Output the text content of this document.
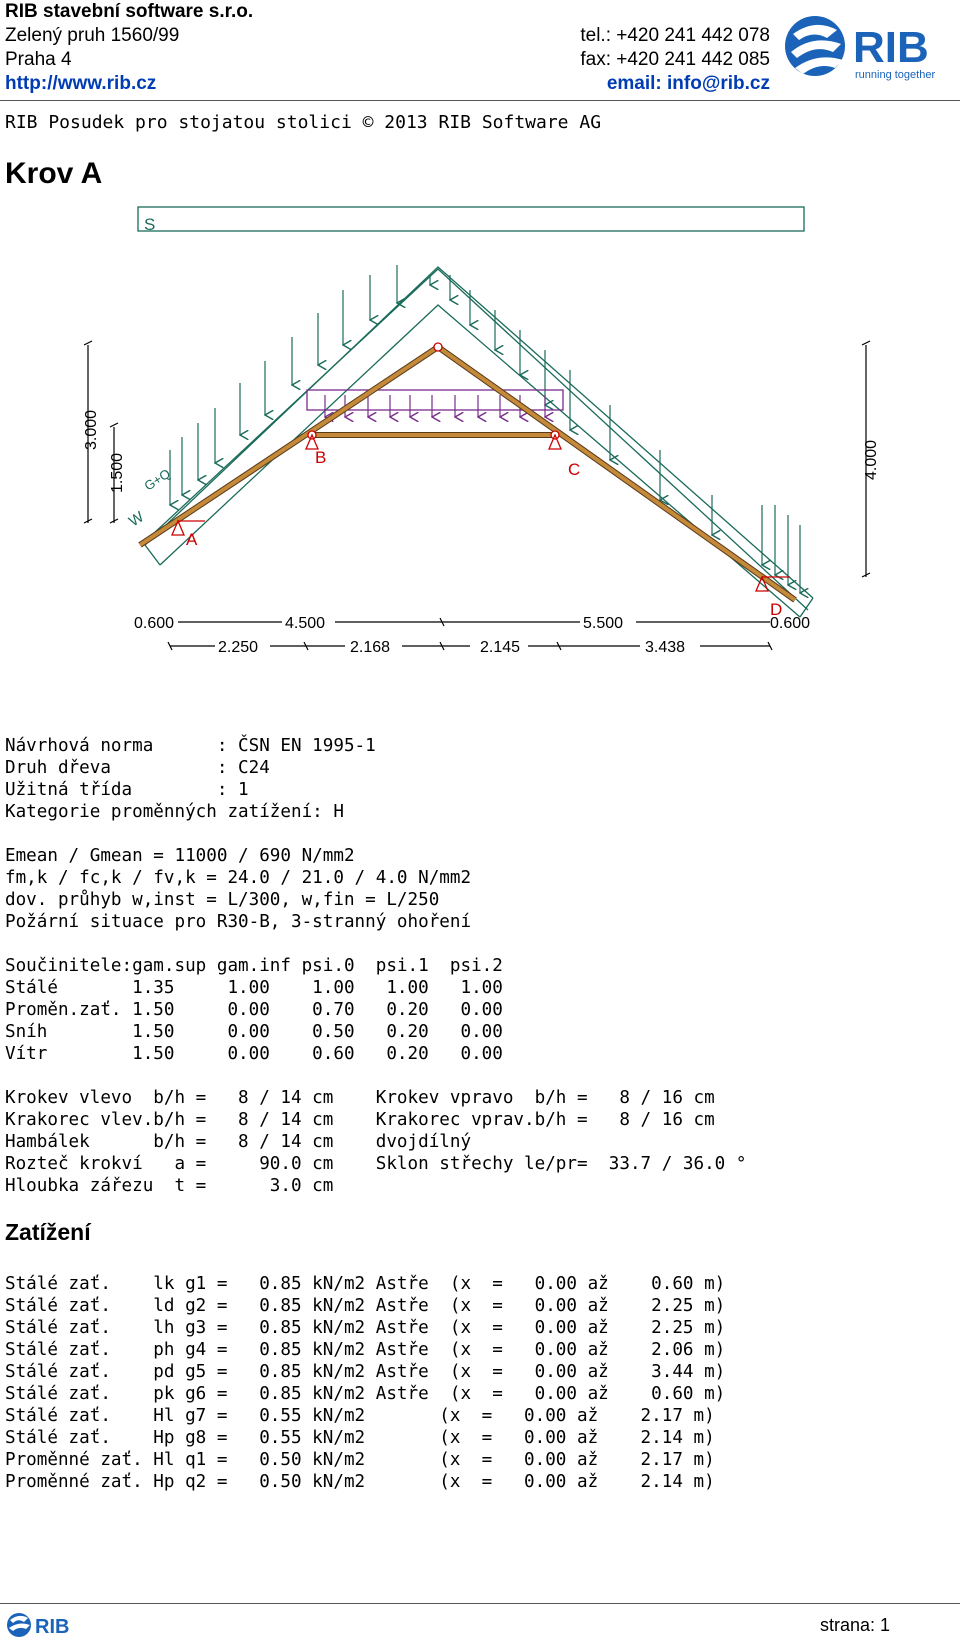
RIB stavební software s.r.o.
Zelený pruh 1560/99
Praha 4
http://www.rib.cz
tel.: +420 241 442 078
fax: +420 241 442 085
email: info@rib.cz
RIB
running together
RIB Posudek pro stojatou stolici © 2013 RIB Software AG
Krov A
S
A
B
C
D
W
G+Q
3.000
1.500	4.000
0.600	4.500	5.500	0.600
2.250	2.168	2.145	3.438
Návrhová norma      : ČSN EN 1995-1
Druh dřeva          : C24
Užitná třída        : 1
Kategorie proměnných zatížení: H
Emean / Gmean = 11000 / 690 N/mm2
fm,k / fc,k / fv,k = 24.0 / 21.0 / 4.0 N/mm2
dov. průhyb w,inst = L/300, w,fin = L/250
Požární situace pro R30-B, 3-stranný ohoření
Součinitele:gam.sup gam.inf psi.0  psi.1  psi.2
Stálé       1.35     1.00    1.00   1.00   1.00
Proměn.zať. 1.50     0.00    0.70   0.20   0.00
Sníh        1.50     0.00    0.50   0.20   0.00
Vítr        1.50     0.00    0.60   0.20   0.00
Krokev vlevo  b/h =   8 / 14 cm    Krokev vpravo  b/h =   8 / 16 cm
Krakorec vlev.b/h =   8 / 14 cm    Krakorec vprav.b/h =   8 / 16 cm
Hambálek      b/h =   8 / 14 cm    dvojdílný
Rozteč krokví   a =     90.0 cm    Sklon střechy le/pr=  33.7 / 36.0 °
Hloubka zářezu  t =      3.0 cm
Zatížení
Stálé zať.    lk g1 =   0.85 kN/m2 Astře  (x  =   0.00 až    0.60 m)
Stálé zať.    ld g2 =   0.85 kN/m2 Astře  (x  =   0.00 až    2.25 m)
Stálé zať.    lh g3 =   0.85 kN/m2 Astře  (x  =   0.00 až    2.25 m)
Stálé zať.    ph g4 =   0.85 kN/m2 Astře  (x  =   0.00 až    2.06 m)
Stálé zať.    pd g5 =   0.85 kN/m2 Astře  (x  =   0.00 až    3.44 m)
Stálé zať.    pk g6 =   0.85 kN/m2 Astře  (x  =   0.00 až    0.60 m)
Stálé zať.    Hl g7 =   0.55 kN/m2       (x  =   0.00 až    2.17 m)
Stálé zať.    Hp g8 =   0.55 kN/m2       (x  =   0.00 až    2.14 m)
Proměnné zať. Hl q1 =   0.50 kN/m2       (x  =   0.00 až    2.17 m)
Proměnné zať. Hp q2 =   0.50 kN/m2       (x  =   0.00 až    2.14 m)
RIB	strana: 1
